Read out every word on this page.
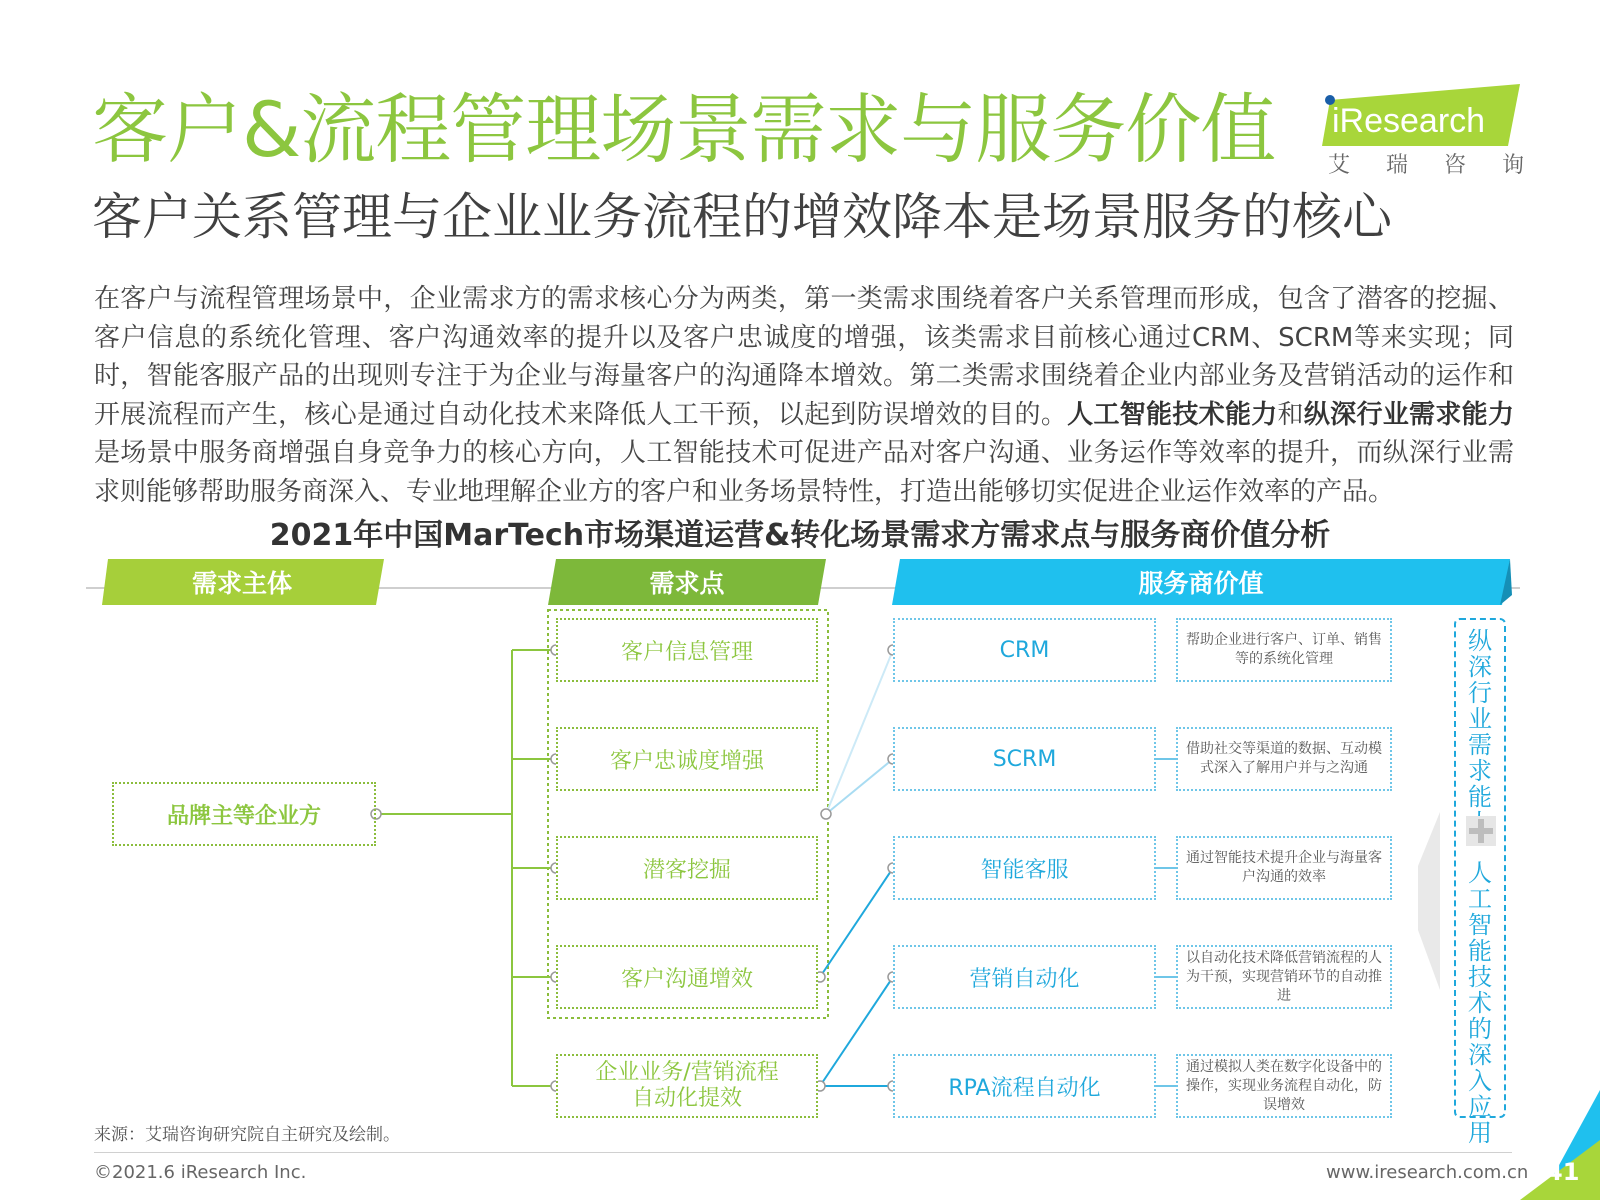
客户&流程管理场景需求与服务价值
客户关系管理与企业业务流程的增效降本是场景服务的核心
iResearch
艾 瑞 咨 询
在客户与流程管理场景中，企业需求方的需求核心分为两类，第一类需求围绕着客户关系管理而形成，包含了潜客的挖掘、客户信息的系统化管理、客户沟通效率的提升以及客户忠诚度的增强，该类需求目前核心通过CRM、SCRM等来实现；同时，智能客服产品的出现则专注于为企业与海量客户的沟通降本增效。第二类需求围绕着企业内部业务及营销活动的运作和开展流程而产生，核心是通过自动化技术来降低人工干预，以起到防误增效的目的。人工智能技术能力和纵深行业需求能力是场景中服务商增强自身竞争力的核心方向，人工智能技术可促进产品对客户沟通、业务运作等效率的提升，而纵深行业需求则能够帮助服务商深入、专业地理解企业方的客户和业务场景特性，打造出能够切实促进企业运作效率的产品。
2021年中国MarTech市场渠道运营&转化场景需求方需求点与服务商价值分析
需求主体	需求点	服务商价值
品牌主等企业方
客户信息管理
客户忠诚度增强
潜客挖掘
客户沟通增效
企业业务/营销流程自动化提效
CRM
SCRM
智能客服
营销自动化
RPA流程自动化
帮助企业进行客户、订单、销售等的系统化管理
借助社交等渠道的数据、互动模式深入了解用户并与之沟通
通过智能技术提升企业与海量客户沟通的效率
以自动化技术降低营销流程的人为干预，实现营销环节的自动推进
通过模拟人类在数字化设备中的操作，实现业务流程自动化，防误增效
纵
深
行
业
需
求
能
人
工
智
能
技
术
的
深
入
应
用
来源：艾瑞咨询研究院自主研究及绘制。
©2021.6 iResearch Inc.	www.iresearch.com.cn 41
